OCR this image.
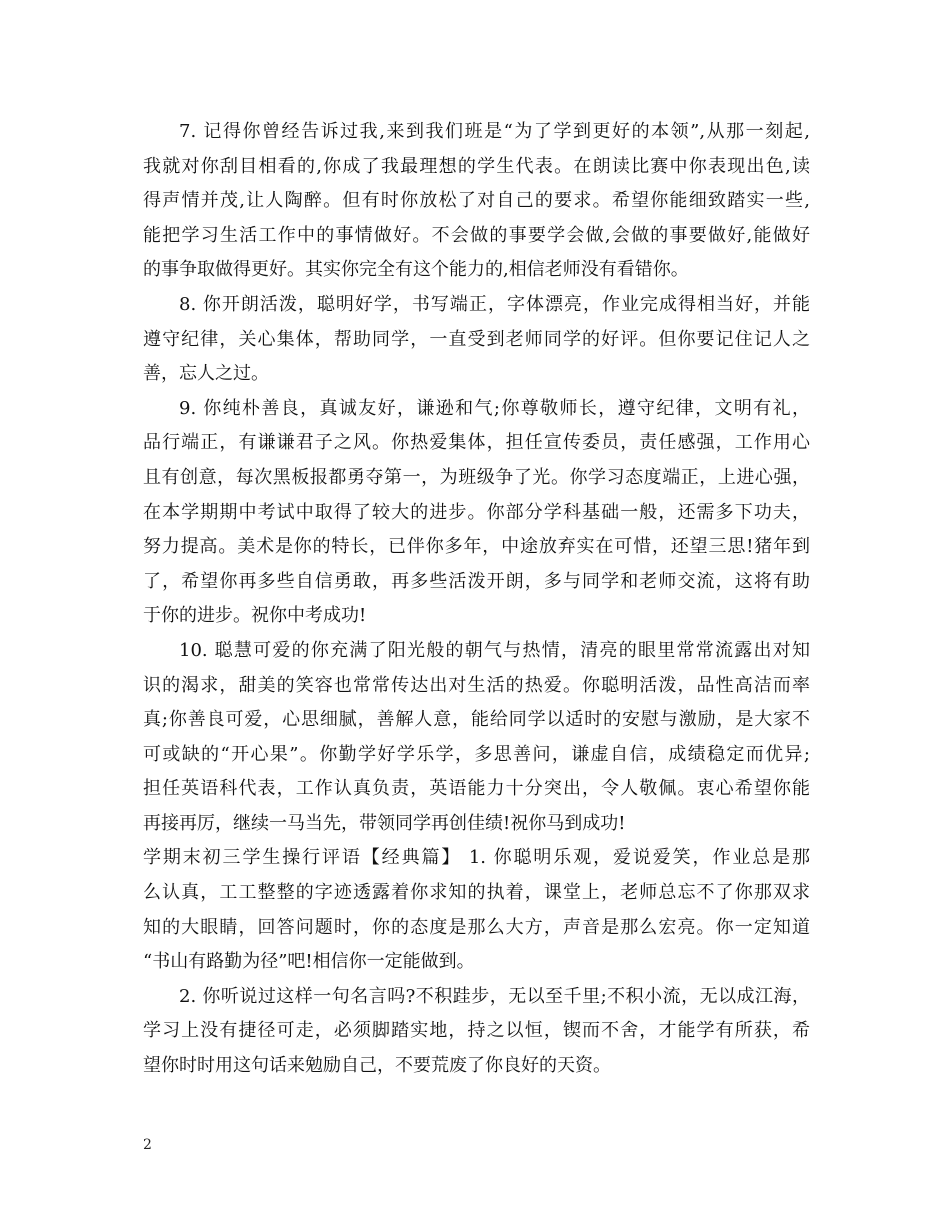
7. 记得你曾经告诉过我,来到我们班是“为了学到更好的本领”,从那一刻起,
我就对你刮目相看的,你成了我最理想的学生代表。在朗读比赛中你表现出色,读
得声情并茂,让人陶醉。但有时你放松了对自己的要求。希望你能细致踏实一些,
能把学习生活工作中的事情做好。不会做的事要学会做,会做的事要做好,能做好
的事争取做得更好。其实你完全有这个能力的,相信老师没有看错你。
8. 你开朗活泼，聪明好学，书写端正，字体漂亮，作业完成得相当好，并能
遵守纪律，关心集体，帮助同学，一直受到老师同学的好评。但你要记住记人之
善，忘人之过。
9. 你纯朴善良，真诚友好，谦逊和气;你尊敬师长，遵守纪律，文明有礼，
品行端正，有谦谦君子之风。你热爱集体，担任宣传委员，责任感强，工作用心
且有创意，每次黑板报都勇夺第一，为班级争了光。你学习态度端正，上进心强，
在本学期期中考试中取得了较大的进步。你部分学科基础一般，还需多下功夫，
努力提高。美术是你的特长，已伴你多年，中途放弃实在可惜，还望三思!猪年到
了，希望你再多些自信勇敢，再多些活泼开朗，多与同学和老师交流，这将有助
于你的进步。祝你中考成功!
10. 聪慧可爱的你充满了阳光般的朝气与热情，清亮的眼里常常流露出对知
识的渴求，甜美的笑容也常常传达出对生活的热爱。你聪明活泼，品性高洁而率
真;你善良可爱，心思细腻，善解人意，能给同学以适时的安慰与激励，是大家不
可或缺的“开心果”。你勤学好学乐学，多思善问，谦虚自信，成绩稳定而优异;
担任英语科代表，工作认真负责，英语能力十分突出，令人敬佩。衷心希望你能
再接再厉，继续一马当先，带领同学再创佳绩!祝你马到成功!
学期末初三学生操行评语【经典篇】 1. 你聪明乐观，爱说爱笑，作业总是那
么认真，工工整整的字迹透露着你求知的执着，课堂上，老师总忘不了你那双求
知的大眼睛，回答问题时，你的态度是那么大方，声音是那么宏亮。你一定知道
“书山有路勤为径”吧!相信你一定能做到。
2. 你听说过这样一句名言吗?不积跬步，无以至千里;不积小流，无以成江海，
学习上没有捷径可走，必须脚踏实地，持之以恒，锲而不舍，才能学有所获，希
望你时时用这句话来勉励自己，不要荒废了你良好的天资。
2
